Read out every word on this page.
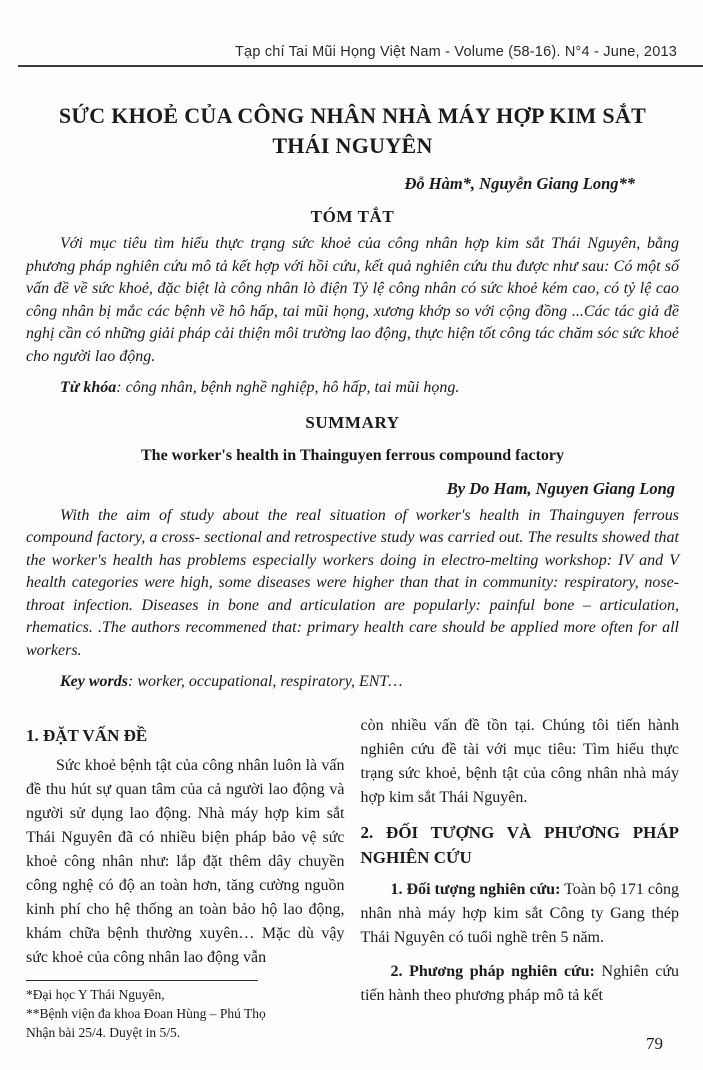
Tạp chí Tai Mũi Họng Việt Nam - Volume (58-16). N°4 - June, 2013
SỨC KHOẺ CỦA CÔNG NHÂN NHÀ MÁY HỢP KIM SẮT THÁI NGUYÊN
Đỗ Hàm*, Nguyễn Giang Long**
TÓM TẮT

Với mục tiêu tìm hiểu thực trạng sức khoẻ của công nhân hợp kim sắt Thái Nguyên, bằng phương pháp nghiên cứu mô tả kết hợp với hồi cứu, kết quả nghiên cứu thu được như sau: Có một số vấn đề về sức khoẻ, đặc biệt là công nhân lò điện Tỷ lệ công nhân có sức khoẻ kém cao, có tỷ lệ cao công nhân bị mắc các bệnh về hô hấp, tai mũi họng, xương khớp so với cộng đồng ...Các tác giả đề nghị cần có những giải pháp cải thiện môi trường lao động, thực hiện tốt công tác chăm sóc sức khoẻ cho người lao động.

Từ khóa: công nhân, bệnh nghề nghiệp, hô hấp, tai mũi họng.

SUMMARY
The worker's health in Thainguyen ferrous compound factory
By Do Ham, Nguyen Giang Long

With the aim of study about the real situation of worker's health in Thainguyen ferrous compound factory, a cross- sectional and retrospective study was carried out. The results showed that the worker's health has problems especially workers doing in electro-melting workshop: IV and V health categories were high, some diseases were higher than that in community: respiratory, nose-throat infection. Diseases in bone and articulation are popularly: painful bone – articulation, rhematics. .The authors recommened that: primary health care should be applied more often for all workers.

Key words: worker, occupational, respiratory, ENT…

1. ĐẶT VẤN ĐỀ

Sức khoẻ bệnh tật của công nhân luôn là vấn đề thu hút sự quan tâm của cả người lao động và người sử dụng lao động. Nhà máy hợp kim sắt Thái Nguyên đã có nhiều biện pháp bảo vệ sức khoẻ công nhân như: lắp đặt thêm dây chuyền công nghệ có độ an toàn hơn, tăng cường nguồn kinh phí cho hệ thống an toàn bảo hộ lao động, khám chữa bệnh thường xuyên… Mặc dù vậy sức khoẻ của công nhân lao động vẫn

*Đại học Y Thái Nguyên,
**Bệnh viện đa khoa Đoan Hùng – Phú Thọ
Nhận bài 25/4. Duyệt in 5/5.

còn nhiều vấn đề tồn tại. Chúng tôi tiến hành nghiên cứu đề tài với mục tiêu: Tìm hiểu thực trạng sức khoẻ, bệnh tật của công nhân nhà máy hợp kim sắt Thái Nguyên.

2. ĐỐI TƯỢNG VÀ PHƯƠNG PHÁP NGHIÊN CỨU

1. Đối tượng nghiên cứu: Toàn bộ 171 công nhân nhà máy hợp kim sắt Công ty Gang thép Thái Nguyên có tuổi nghề trên 5 năm.

2. Phương pháp nghiên cứu: Nghiên cứu tiến hành theo phương pháp mô tả kết

79
